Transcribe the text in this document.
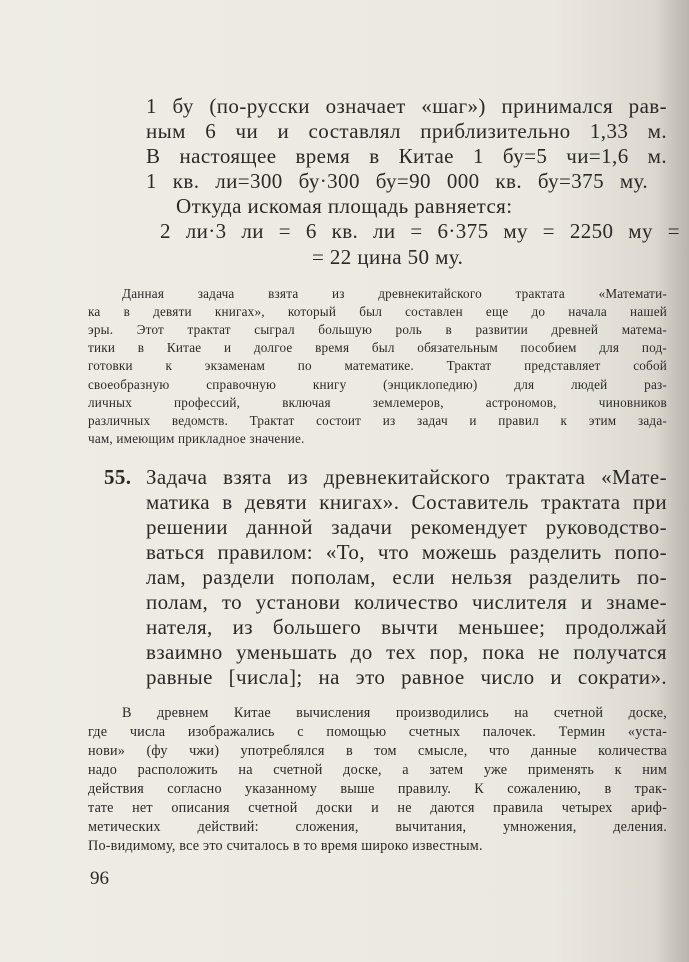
1 бу (по-русски означает «шаг») принимался рав-
ным 6 чи и составлял приблизительно 1,33 м.
В настоящее время в Китае 1 бу=5 чи=1,6 м.
1 кв. ли=300 бу·300 бу=90 000 кв. бу=375 му.
Откуда искомая площадь равняется:
2 ли·3 ли = 6 кв. ли = 6·375 му = 2250 му =
= 22 цина 50 му.
Данная задача взята из древнекитайского трактата «Математи-
ка в девяти книгах», который был составлен еще до начала нашей
эры. Этот трактат сыграл большую роль в развитии древней матема-
тики в Китае и долгое время был обязательным пособием для под-
готовки к экзаменам по математике. Трактат представляет собой
своеобразную справочную книгу (энциклопедию) для людей раз-
личных профессий, включая землемеров, астрономов, чиновников
различных ведомств. Трактат состоит из задач и правил к этим зада-
чам, имеющим прикладное значение.
55. Задача взята из древнекитайского трактата «Мате-
матика в девяти книгах». Составитель трактата при
решении данной задачи рекомендует руководство-
ваться правилом: «То, что можешь разделить попо-
лам, раздели пополам, если нельзя разделить по-
полам, то установи количество числителя и знаме-
нателя, из большего вычти меньшее; продолжай
взаимно уменьшать до тех пор, пока не получатся
равные [числа]; на это равное число и сократи».
В древнем Китае вычисления производились на счетной доске,
где числа изображались с помощью счетных палочек. Термин «уста-
нови» (фу чжи) употреблялся в том смысле, что данные количества
надо расположить на счетной доске, а затем уже применять к ним
действия согласно указанному выше правилу. К сожалению, в трак-
тате нет описания счетной доски и не даются правила четырех ариф-
метических действий: сложения, вычитания, умножения, деления.
По-видимому, все это считалось в то время широко известным.
96
